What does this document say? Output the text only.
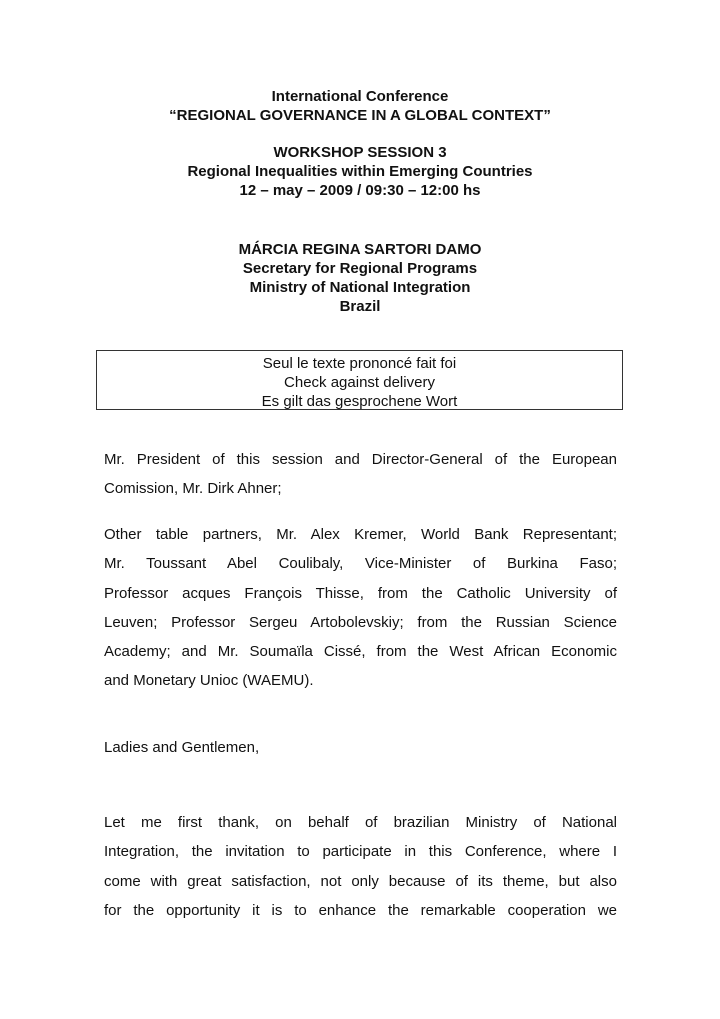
International Conference
“REGIONAL GOVERNANCE IN A GLOBAL CONTEXT”
WORKSHOP SESSION 3
Regional Inequalities within Emerging Countries
12 – may – 2009 / 09:30 – 12:00 hs
MÁRCIA REGINA SARTORI DAMO
Secretary for Regional Programs
Ministry of National Integration
Brazil
Seul le texte prononcé fait foi
Check against delivery
Es gilt das gesprochene Wort
Mr. President of this session and Director-General of the European
Comission, Mr. Dirk Ahner;
Other table partners, Mr. Alex Kremer, World Bank Representant;
Mr. Toussant Abel Coulibaly, Vice-Minister of Burkina Faso;
Professor acques François Thisse, from the Catholic University of
Leuven; Professor Sergeu Artobolevskiy; from the Russian Science
Academy; and Mr. Soumaïla Cissé, from the West African Economic
and Monetary Unioc (WAEMU).
Ladies and Gentlemen,
Let me first thank, on behalf of brazilian Ministry of National
Integration, the invitation to participate in this Conference, where I
come with great satisfaction, not only because of its theme, but also
for the opportunity it is to enhance the remarkable cooperation we
